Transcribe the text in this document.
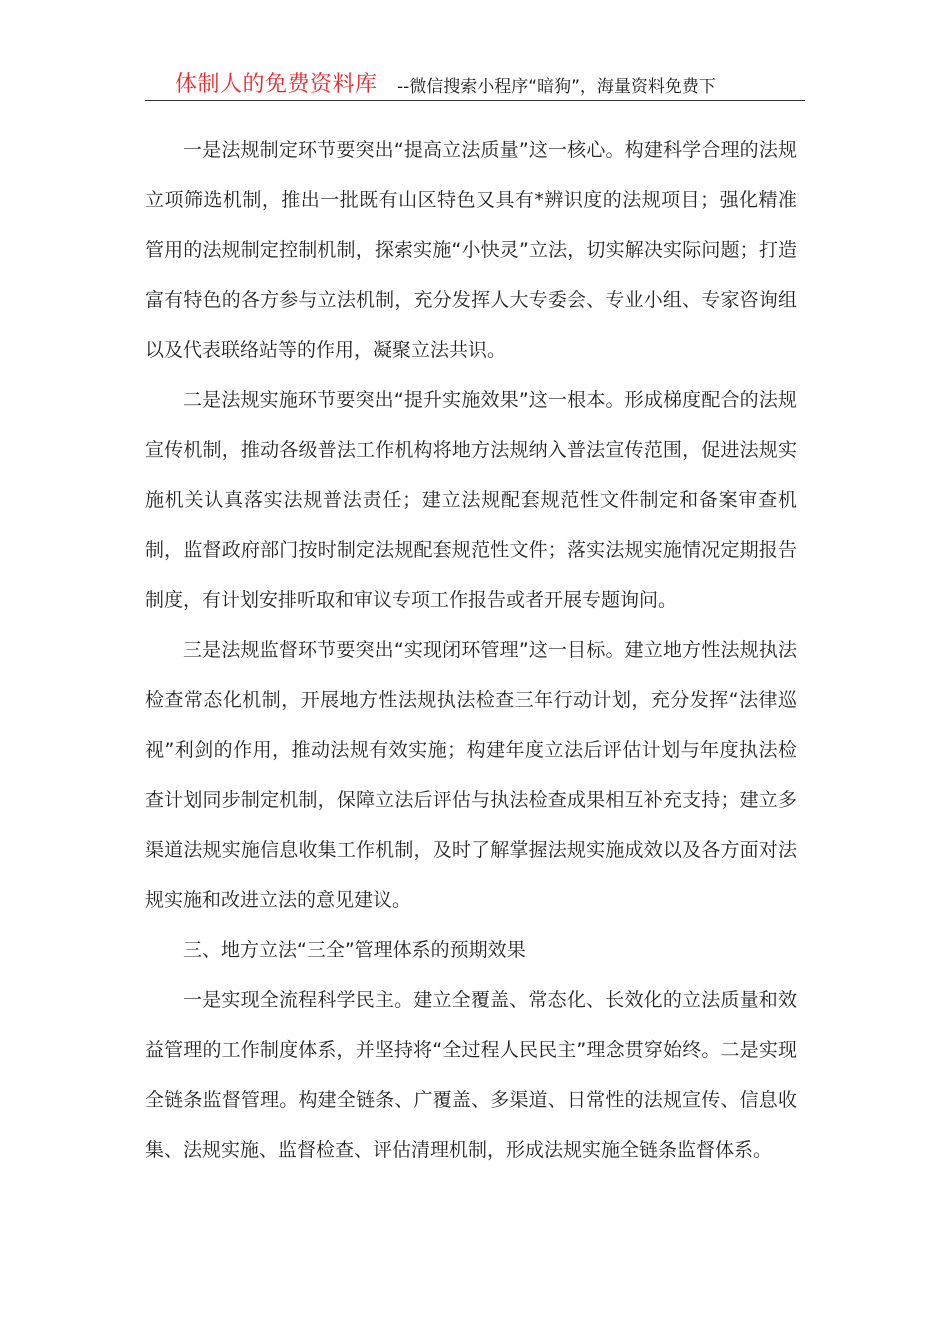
体制人的免费资料库 --微信搜索小程序“暗狗”，海量资料免费下

一是法规制定环节要突出“提高立法质量”这一核心。构建科学合理的法规立项筛选机制，推出一批既有山区特色又具有*辨识度的法规项目；强化精准管用的法规制定控制机制，探索实施“小快灵”立法，切实解决实际问题；打造富有特色的各方参与立法机制，充分发挥人大专委会、专业小组、专家咨询组以及代表联络站等的作用，凝聚立法共识。

二是法规实施环节要突出“提升实施效果”这一根本。形成梯度配合的法规宣传机制，推动各级普法工作机构将地方法规纳入普法宣传范围，促进法规实施机关认真落实法规普法责任；建立法规配套规范性文件制定和备案审查机制，监督政府部门按时制定法规配套规范性文件；落实法规实施情况定期报告制度，有计划安排听取和审议专项工作报告或者开展专题询问。

三是法规监督环节要突出“实现闭环管理”这一目标。建立地方性法规执法检查常态化机制，开展地方性法规执法检查三年行动计划，充分发挥“法律巡视”利剑的作用，推动法规有效实施；构建年度立法后评估计划与年度执法检查计划同步制定机制，保障立法后评估与执法检查成果相互补充支持；建立多渠道法规实施信息收集工作机制，及时了解掌握法规实施成效以及各方面对法规实施和改进立法的意见建议。

三、地方立法“三全”管理体系的预期效果

一是实现全流程科学民主。建立全覆盖、常态化、长效化的立法质量和效益管理的工作制度体系，并坚持将“全过程人民民主”理念贯穿始终。二是实现全链条监督管理。构建全链条、广覆盖、多渠道、日常性的法规宣传、信息收集、法规实施、监督检查、评估清理机制，形成法规实施全链条监督体系。
